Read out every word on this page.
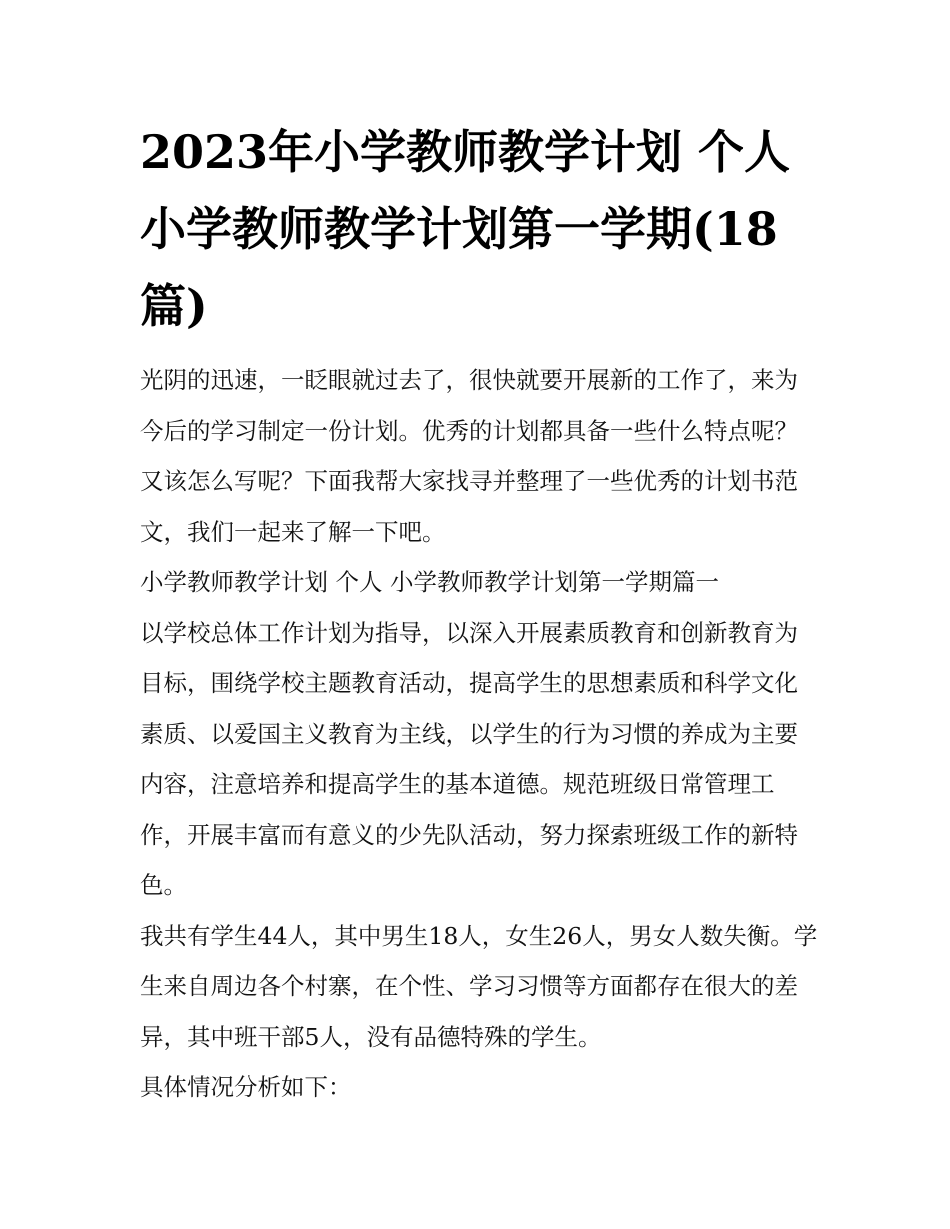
2023年小学教师教学计划 个人 小学教师教学计划第一学期(18篇)

光阴的迅速，一眨眼就过去了，很快就要开展新的工作了，来为今后的学习制定一份计划。优秀的计划都具备一些什么特点呢？又该怎么写呢？下面我帮大家找寻并整理了一些优秀的计划书范文，我们一起来了解一下吧。

小学教师教学计划 个人 小学教师教学计划第一学期篇一

以学校总体工作计划为指导，以深入开展素质教育和创新教育为目标，围绕学校主题教育活动，提高学生的思想素质和科学文化素质、以爱国主义教育为主线，以学生的行为习惯的养成为主要内容，注意培养和提高学生的基本道德。规范班级日常管理工作，开展丰富而有意义的少先队活动，努力探索班级工作的新特色。

我共有学生44人，其中男生18人，女生26人，男女人数失衡。学生来自周边各个村寨，在个性、学习习惯等方面都存在很大的差异，其中班干部5人，没有品德特殊的学生。

具体情况分析如下：
